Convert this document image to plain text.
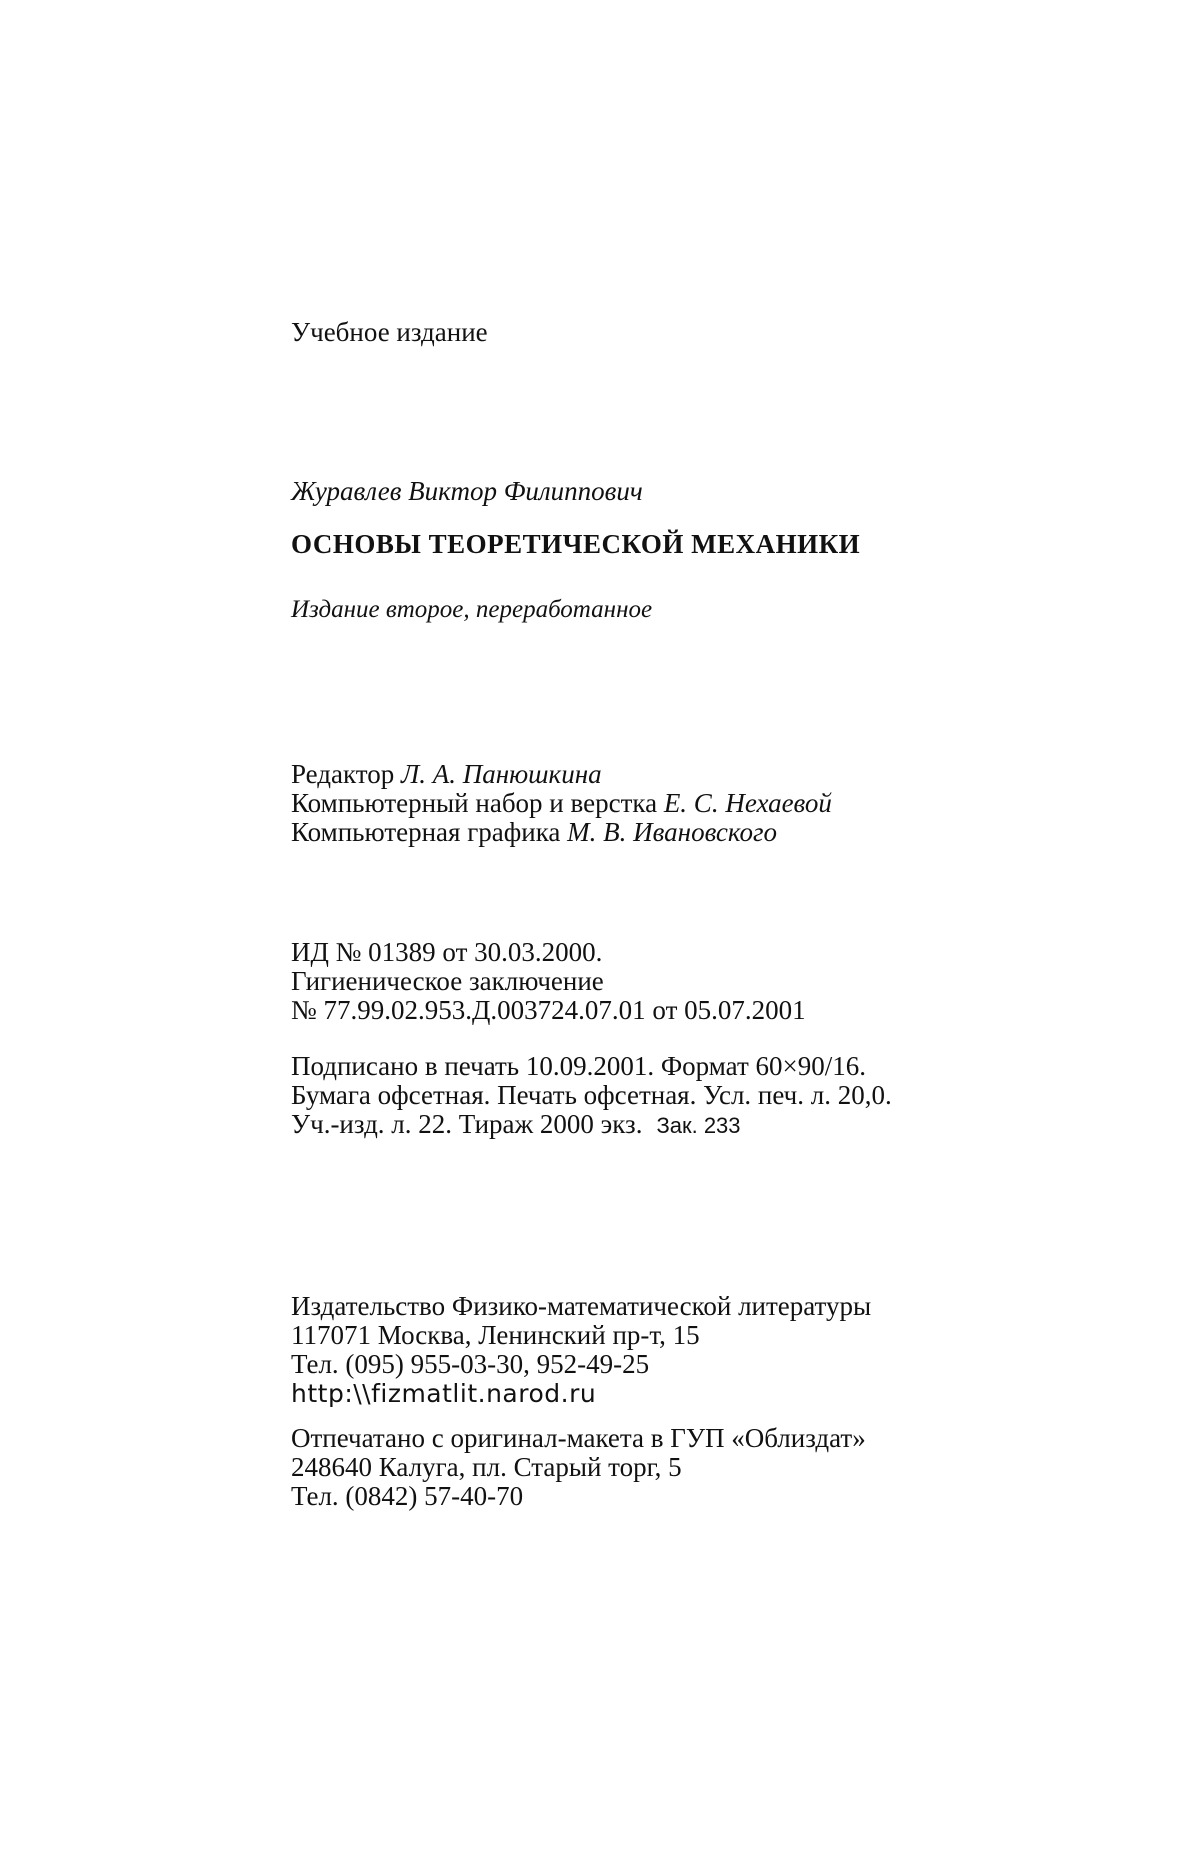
Учебное издание
Журавлев Виктор Филиппович
ОСНОВЫ ТЕОРЕТИЧЕСКОЙ МЕХАНИКИ
Издание второе, переработанное
Редактор Л. А. Панюшкина
Компьютерный набор и верстка Е. С. Нехаевой
Компьютерная графика М. В. Ивановского
ИД № 01389 от 30.03.2000.
Гигиеническое заключение
№ 77.99.02.953.Д.003724.07.01 от 05.07.2001
Подписано в печать 10.09.2001. Формат 60×90/16.
Бумага офсетная. Печать офсетная. Усл. печ. л. 20,0.
Уч.-изд. л. 22. Тираж 2000 экз. Зак. 233
Издательство Физико-математической литературы
117071 Москва, Ленинский пр-т, 15
Тел. (095) 955-03-30, 952-49-25
http:\\fizmatlit.narod.ru
Отпечатано с оригинал-макета в ГУП «Облиздат»
248640 Калуга, пл. Старый торг, 5
Тел. (0842) 57-40-70
